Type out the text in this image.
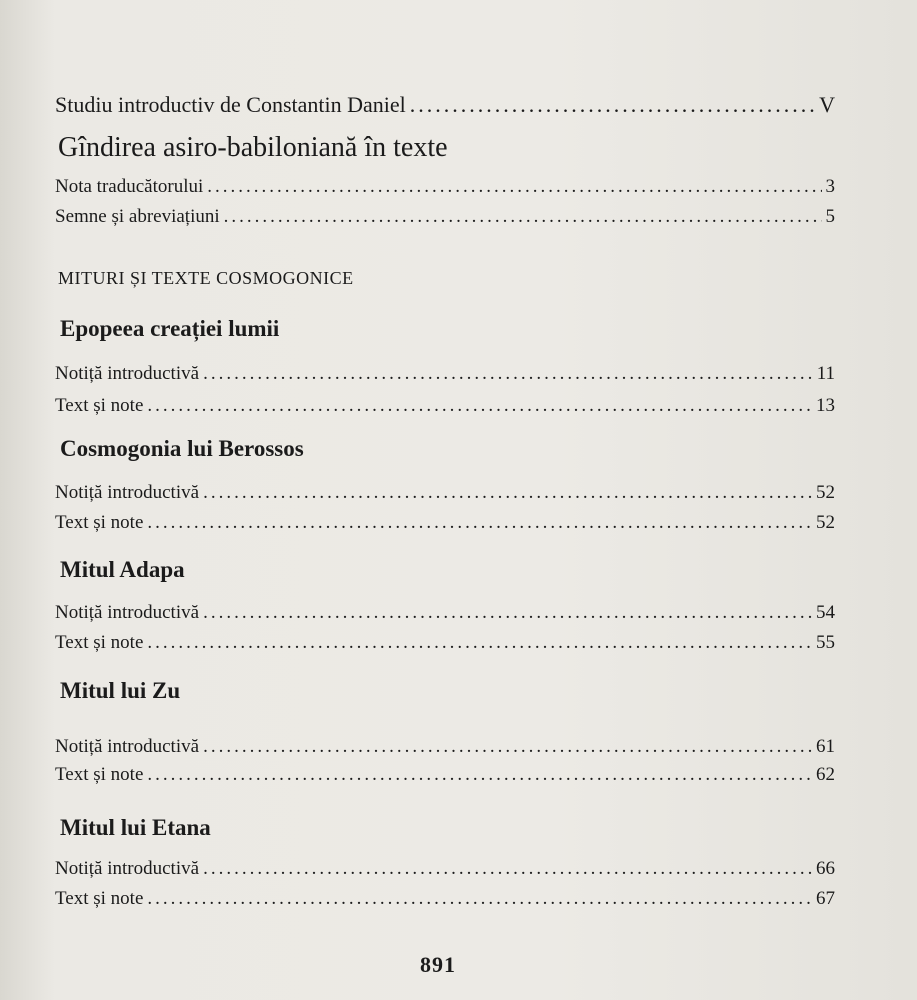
Studiu introductiv de Constantin Daniel .....	V
Gîndirea asiro-babiloniană în texte
Nota traducătorului .....	3
Semne și abreviațiuni .....	5
MITURI ȘI TEXTE COSMOGONICE
Epopeea creației lumii
Notiță introductivă .....	11
Text și note .....	13
Cosmogonia lui Berossos
Notiță introductivă .....	52
Text și note .....	52
Mitul Adapa
Notiță introductivă .....	54
Text și note .....	55
Mitul lui Zu
Notiță introductivă .....	61
Text și note .....	62
Mitul lui Etana
Notiță introductivă .....	66
Text și note .....	67
891
